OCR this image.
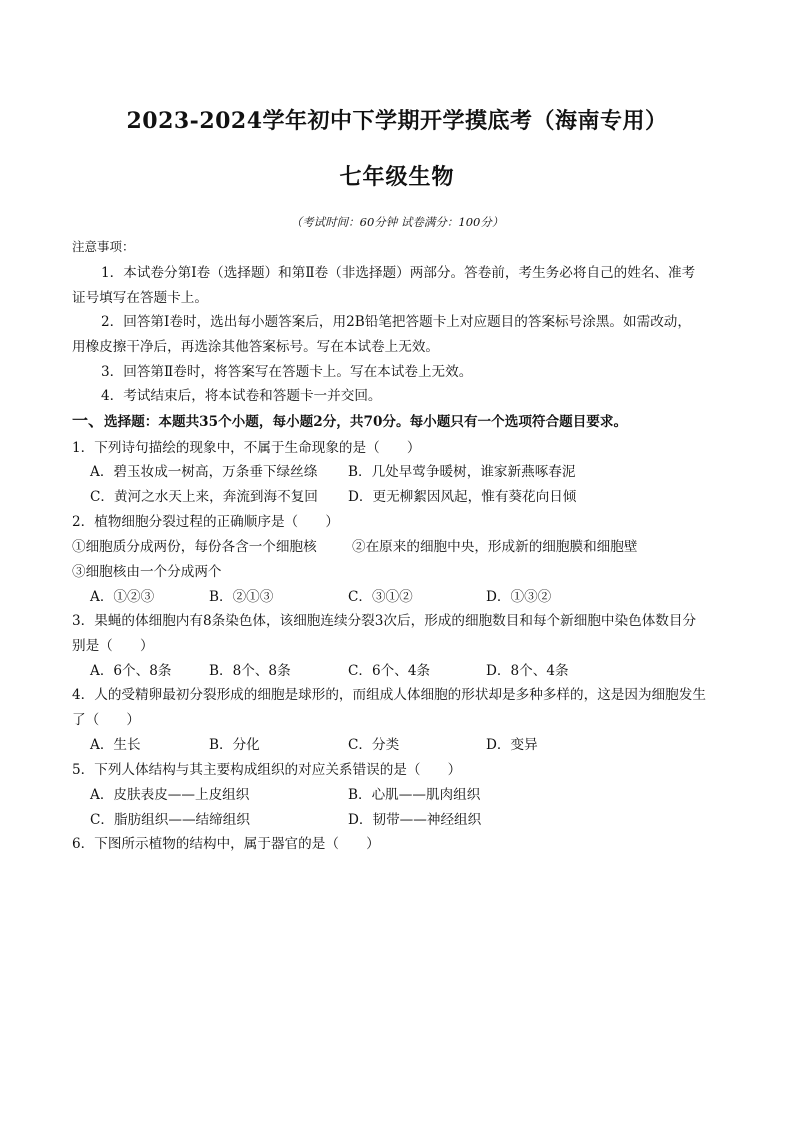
2023-2024学年初中下学期开学摸底考（海南专用）
七年级生物
（考试时间：60分钟 试卷满分：100分）
注意事项：
1．本试卷分第Ⅰ卷（选择题）和第Ⅱ卷（非选择题）两部分。答卷前，考生务必将自己的姓名、准考
证号填写在答题卡上。
2．回答第Ⅰ卷时，选出每小题答案后，用2B铅笔把答题卡上对应题目的答案标号涂黑。如需改动，
用橡皮擦干净后，再选涂其他答案标号。写在本试卷上无效。
3．回答第Ⅱ卷时，将答案写在答题卡上。写在本试卷上无效。
4．考试结束后，将本试卷和答题卡一并交回。
一、选择题：本题共35个小题，每小题2分，共70分。每小题只有一个选项符合题目要求。
1．下列诗句描绘的现象中，不属于生命现象的是（　　）
A．碧玉妆成一树高，万条垂下绿丝绦 B．几处早莺争暖树，谁家新燕啄春泥
C．黄河之水天上来，奔流到海不复回 D．更无柳絮因风起，惟有葵花向日倾
2．植物细胞分裂过程的正确顺序是（　　）
①细胞质分成两份，每份各含一个细胞核	②在原来的细胞中央，形成新的细胞膜和细胞壁
③细胞核由一个分成两个
A．①②③	B．②①③	C．③①②	D．①③②
3．果蝇的体细胞内有8条染色体，该细胞连续分裂3次后，形成的细胞数目和每个新细胞中染色体数目分
别是（　　）
A．6个、8条	B．8个、8条	C．6个、4条	D．8个、4条
4．人的受精卵最初分裂形成的细胞是球形的，而组成人体细胞的形状却是多种多样的，这是因为细胞发生
了（　　）
A．生长	B．分化	C．分类	D．变异
5．下列人体结构与其主要构成组织的对应关系错误的是（　　）
A．皮肤表皮——上皮组织	B．心肌——肌肉组织
C．脂肪组织——结缔组织	D．韧带——神经组织
6．下图所示植物的结构中，属于器官的是（　　）
